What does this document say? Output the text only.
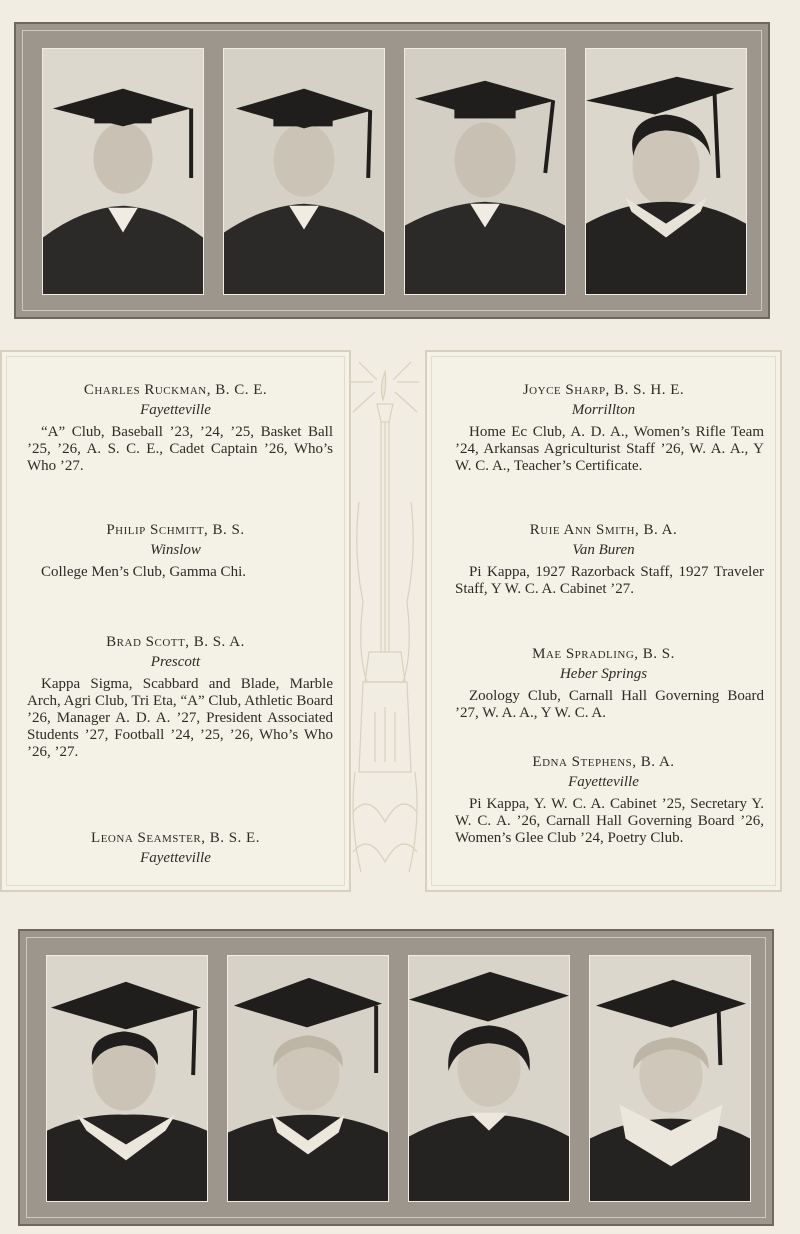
Charles Ruckman, B. C. E.
Fayetteville
“A” Club, Baseball ’23, ’24, ’25, Basket Ball ’25, ’26, A. S. C. E., Cadet Captain ’26, Who’s Who ’27.
Philip Schmitt, B. S.
Winslow
College Men’s Club, Gamma Chi.
Brad Scott, B. S. A.
Prescott
Kappa Sigma, Scabbard and Blade, Marble Arch, Agri Club, Tri Eta, “A” Club, Athletic Board ’26, Manager A. D. A. ’27, President Associated Students ’27, Football ’24, ’25, ’26, Who’s Who ’26, ’27.
Leona Seamster, B. S. E.
Fayetteville
Joyce Sharp, B. S. H. E.
Morrillton
Home Ec Club, A. D. A., Women’s Rifle Team ’24, Arkansas Agriculturist Staff ’26, W. A. A., Y W. C. A., Teacher’s Certificate.
Ruie Ann Smith, B. A.
Van Buren
Pi Kappa, 1927 Razorback Staff, 1927 Traveler Staff, Y W. C. A. Cabinet ’27.
Mae Spradling, B. S.
Heber Springs
Zoology Club, Carnall Hall Governing Board ’27, W. A. A., Y W. C. A.
Edna Stephens, B. A.
Fayetteville
Pi Kappa, Y. W. C. A. Cabinet ’25, Secretary Y. W. C. A. ’26, Carnall Hall Governing Board ’26, Women’s Glee Club ’24, Poetry Club.
